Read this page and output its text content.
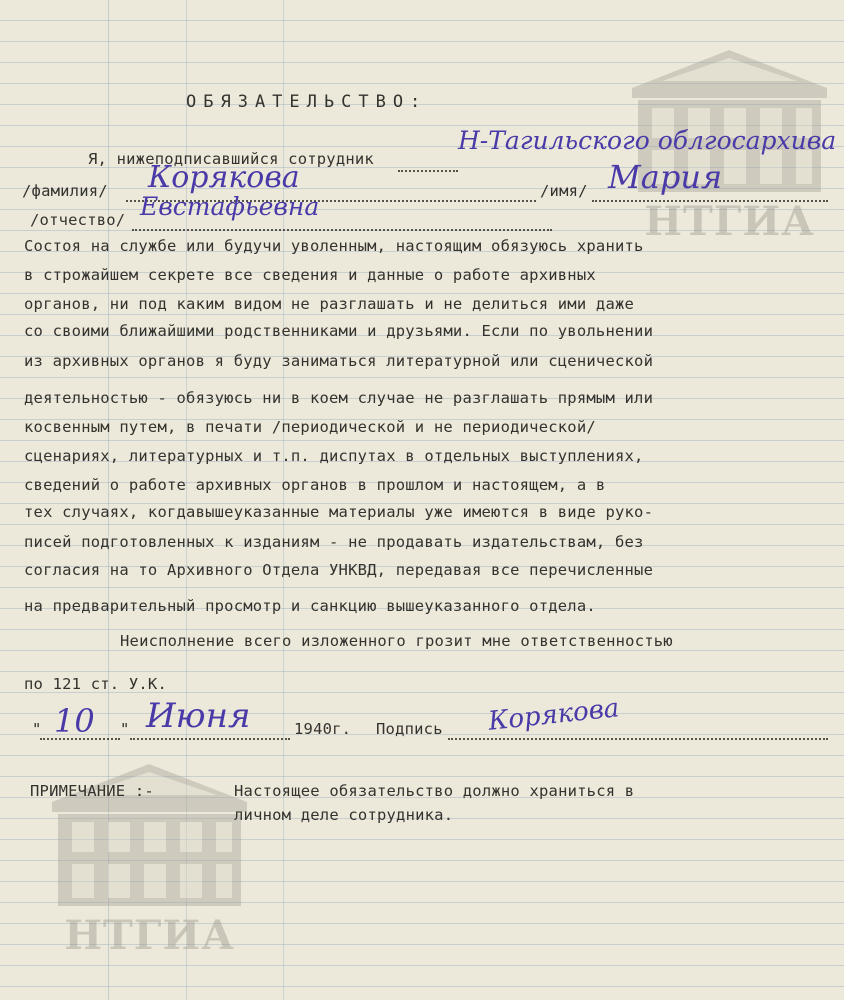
НТГИА
НТГИА
ОБЯЗАТЕЛЬСТВО:
Я, нижеподписавшийся сотрудник
Н-Тагильского облгосархива
/фамилия/ Корякова	/имя/ Мария
/отчество/ Евстафьевна
Состоя на службе или будучи уволенным, настоящим обязуюсь хранить
в строжайшем секрете все сведения и данные о работе архивных
органов, ни под каким видом не разглашать и не делиться ими даже
со своими ближайшими родственниками и друзьями. Если по увольнении
из архивных органов я буду заниматься литературной или сценической
деятельностью - обязуюсь ни в коем случае не разглашать прямым или
косвенным путем, в печати /периодической и не периодической/
сценариях, литературных и т.п. диспутах в отдельных выступлениях,
сведений о работе архивных органов в прошлом и настоящем, а в
тех случаях, когдавышеуказанные материалы уже имеются в виде руко-
писей подготовленных к изданиям - не продавать издательствам, без
согласия на то Архивного Отдела УНКВД, передавая все перечисленные
на предварительный просмотр и санкцию вышеуказанного отдела.
Неисполнение всего изложенного грозит мне ответственностью
по 121 ст. У.К.
" 10 " Июня	1940г. Подпись Корякова
ПРИМЕЧАНИЕ :-	Настоящее обязательство должно храниться в
личном деле сотрудника.
